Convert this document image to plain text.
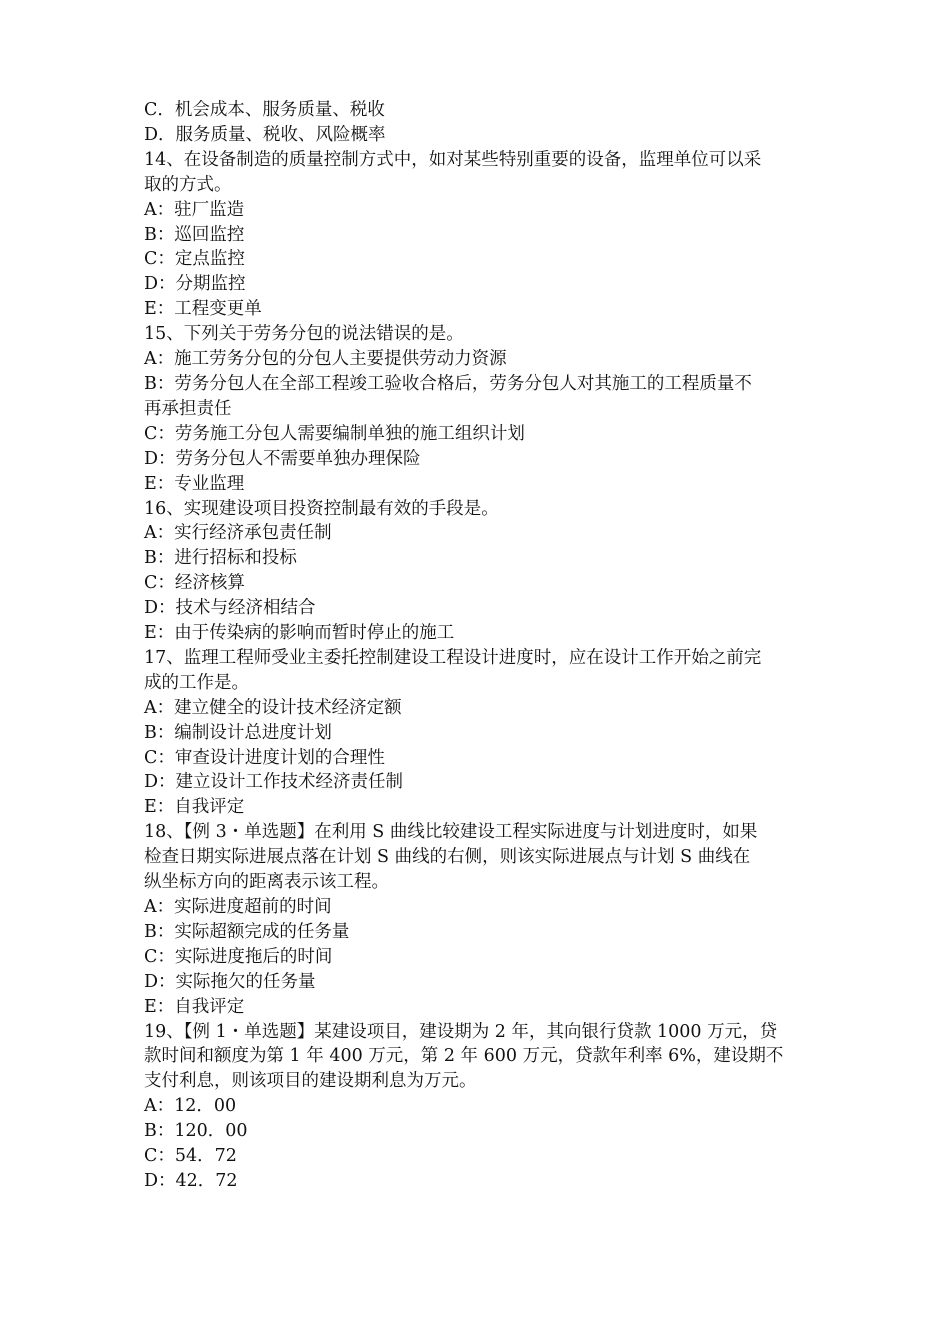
C．机会成本、服务质量、税收
D．服务质量、税收、风险概率
14、在设备制造的质量控制方式中，如对某些特别重要的设备，监理单位可以采
取的方式。
A：驻厂监造
B：巡回监控
C：定点监控
D：分期监控
E：工程变更单
15、下列关于劳务分包的说法错误的是。
A：施工劳务分包的分包人主要提供劳动力资源
B：劳务分包人在全部工程竣工验收合格后，劳务分包人对其施工的工程质量不
再承担责任
C：劳务施工分包人需要编制单独的施工组织计划
D：劳务分包人不需要单独办理保险
E：专业监理
16、实现建设项目投资控制最有效的手段是。
A：实行经济承包责任制
B：进行招标和投标
C：经济核算
D：技术与经济相结合
E：由于传染病的影响而暂时停止的施工
17、监理工程师受业主委托控制建设工程设计进度时，应在设计工作开始之前完
成的工作是。
A：建立健全的设计技术经济定额
B：编制设计总进度计划
C：审查设计进度计划的合理性
D：建立设计工作技术经济责任制
E：自我评定
18、【例 3・单选题】在利用 S 曲线比较建设工程实际进度与计划进度时，如果
检查日期实际进展点落在计划 S 曲线的右侧，则该实际进展点与计划 S 曲线在
纵坐标方向的距离表示该工程。
A：实际进度超前的时间
B：实际超额完成的任务量
C：实际进度拖后的时间
D：实际拖欠的任务量
E：自我评定
19、【例 1・单选题】某建设项目，建设期为 2 年，其向银行贷款 1000 万元，贷
款时间和额度为第 1 年 400 万元，第 2 年 600 万元，贷款年利率 6%，建设期不
支付利息，则该项目的建设期利息为万元。
A：12．00
B：120．00
C：54．72
D：42．72
